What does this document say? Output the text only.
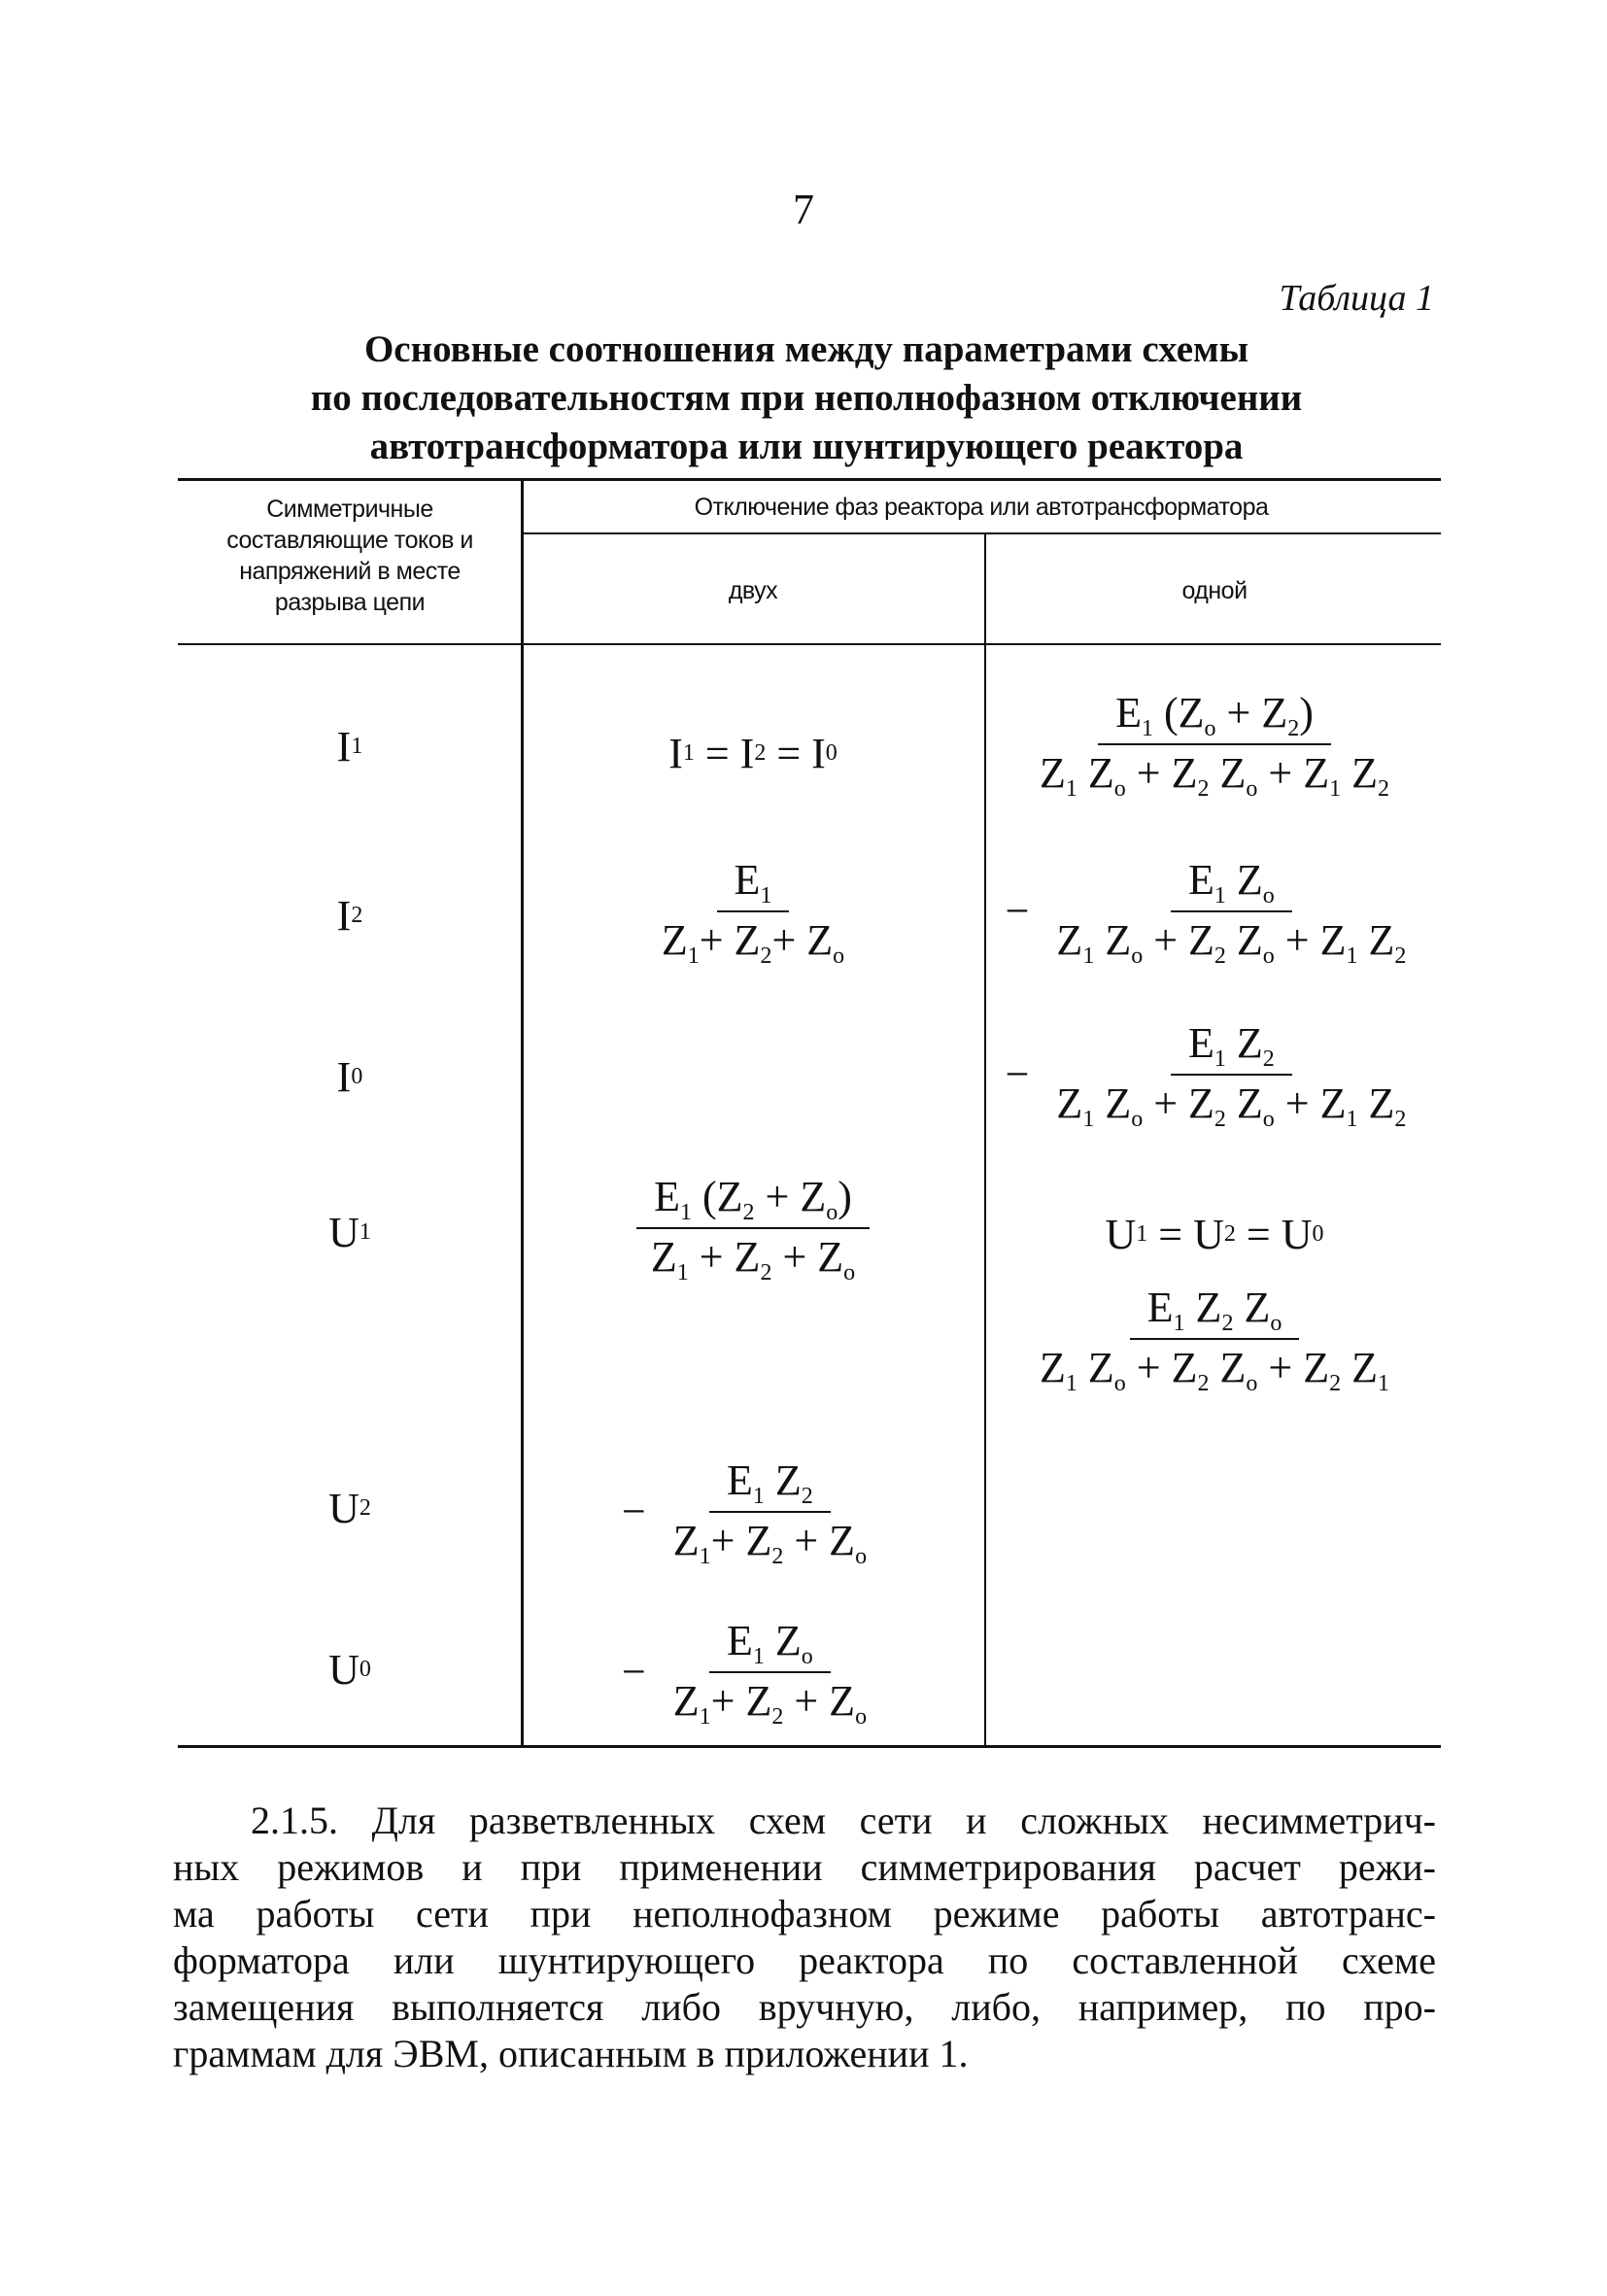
7
Таблица 1
Основные соотношения между параметрами схемы
по последовательностям при неполнофазном отключении
автотрансформатора или шунтирующего реактора
Симметричные
составляющие токов и
напряжений в месте
разрыва цепи
Отключение фаз реактора или автотрансформатора
двух	одной
I 1
I 2
I 0
U 1
U 2
U 0
I 1 = I 2 = I 0
$\frac{E_1}{Z_1+ Z_2+ Z_o}$
$\frac{E_1 (Z_2 + Z_o)}{Z_1 + Z_2 + Z_o}$
− $\frac{E_1 Z_2}{Z_1+ Z_2 + Z_o}$
− $\frac{E_1 Z_o}{Z_1+ Z_2 + Z_o}$
$\frac{E_1 (Z_o + Z_2)}{Z_1 Z_o + Z_2 Z_o + Z_1 Z_2}$
− $\frac{E_1 Z_o}{Z_1 Z_o + Z_2 Z_o + Z_1 Z_2}$
− $\frac{E_1 Z_2}{Z_1 Z_o + Z_2 Z_o + Z_1 Z_2}$
U 1 = U 2 = U 0
$\frac{E_1 Z_2 Z_o}{Z_1 Z_o + Z_2 Z_o + Z_2 Z_1}$
2.1.5. Для разветвленных схем сети и сложных несимметрич-
ных режимов и при применении симметрирования расчет режи-
ма работы сети при неполнофазном режиме работы автотранс-
форматора или шунтирующего реактора по составленной схеме
замещения выполняется либо вручную, либо, например, по про-
граммам для ЭВМ, описанным в приложении 1.
